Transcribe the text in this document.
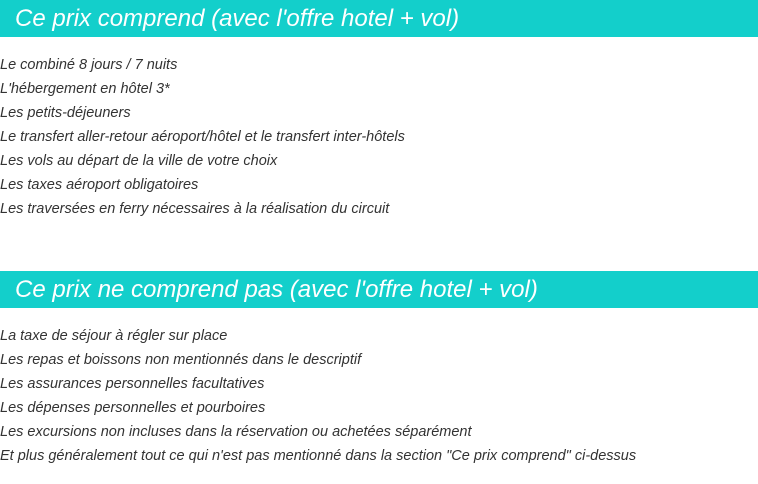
Ce prix comprend (avec l'offre hotel + vol)
Le combiné 8 jours / 7 nuits
L'hébergement en hôtel 3*
Les petits-déjeuners
Le transfert aller-retour aéroport/hôtel et le transfert inter-hôtels
Les vols au départ de la ville de votre choix
Les taxes aéroport obligatoires
Les traversées en ferry nécessaires à la réalisation du circuit
Ce prix ne comprend pas (avec l'offre hotel + vol)
La taxe de séjour à régler sur place
Les repas et boissons non mentionnés dans le descriptif
Les assurances personnelles facultatives
Les dépenses personnelles et pourboires
Les excursions non incluses dans la réservation ou achetées séparément
Et plus généralement tout ce qui n'est pas mentionné dans la section "Ce prix comprend" ci-dessus
